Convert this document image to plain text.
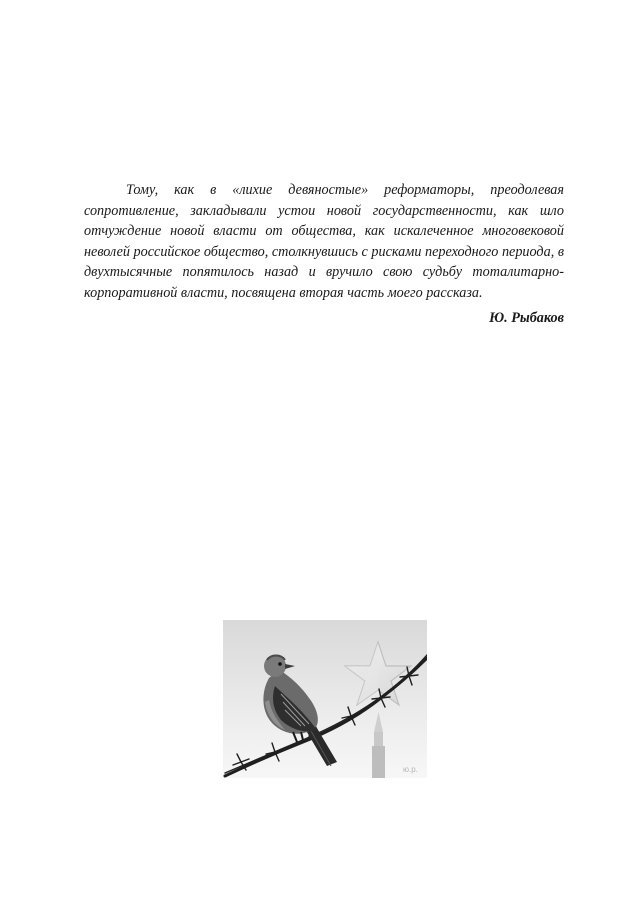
Тому, как в «лихие девяностые» реформаторы, преодолевая сопротивление, закладывали устои новой государственности, как шло отчуждение новой власти от общества, как искалеченное многовековой неволей российское общество, столкнувшись с рисками переходного периода, в двухтысячные попятилось назад и вручило свою судьбу тоталитарно-корпоративной власти, посвящена вторая часть моего рассказа.

Ю. Рыбаков

ю.р.
